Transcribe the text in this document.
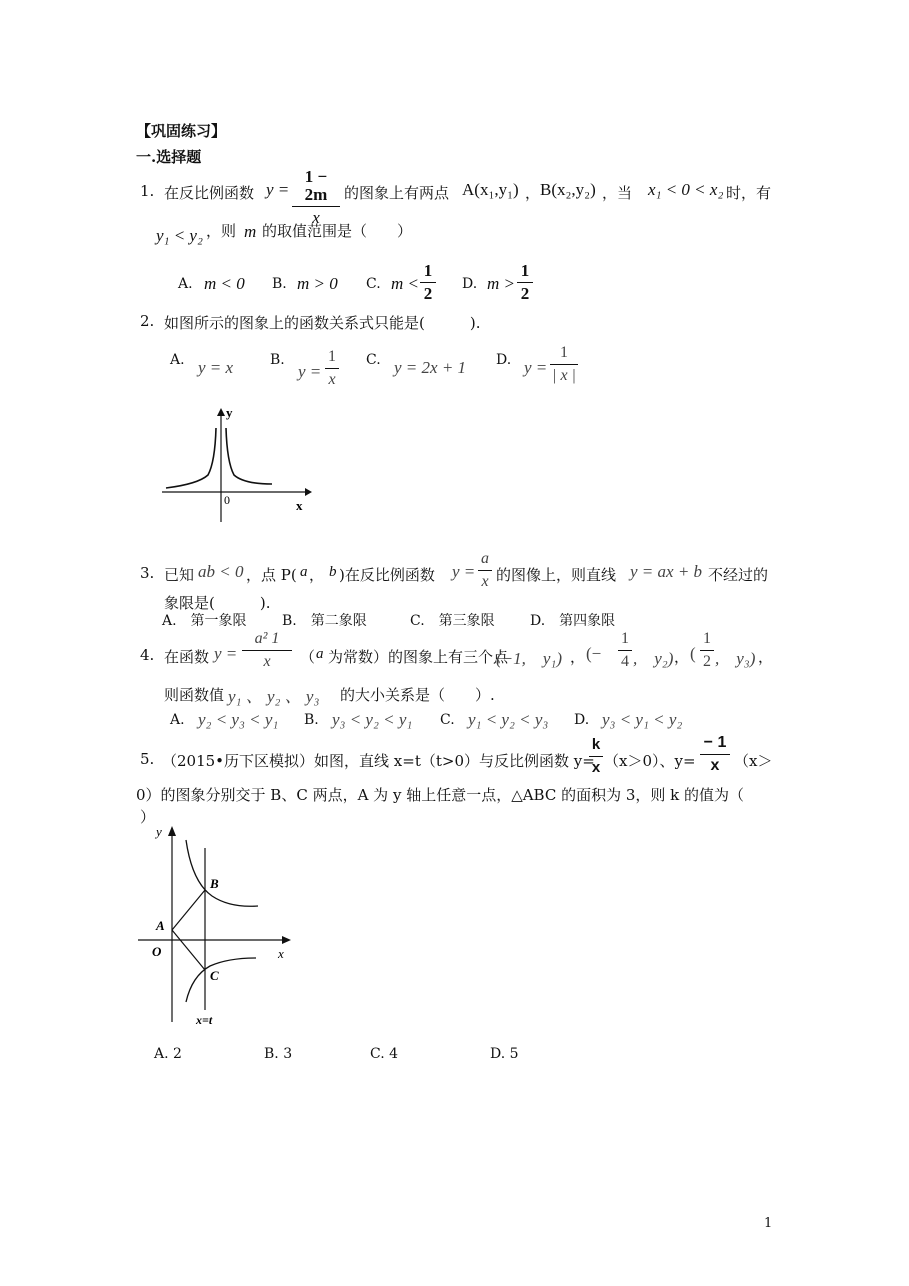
【巩固练习】
一.选择题
1. 在反比例函数 y =
1 − 2m
x
的图象上有两点 A(x₁,y₁) ， B(x₂,y₂) ，当 x₁ < 0 < x₂ 时，有
y₁ < y₂ ，则 m 的取值范围是（　　）
A. m < 0 B. m > 0 C. m <
1
2 D. m >
1
2
2. 如图所示的图象上的函数关系式只能是(　　　).
A. y = x	B.
y =
1
x
C. y = 2x + 1 D. y =
1
| x |
y
x
0
3. 已知 ab < 0 ，点 P( a ， b )在反比例函数 y =
a
x 的图像上，则直线 y = ax + b 不经过的
象限是(　　　).
A.　第一象限	B.　第二象限	C.　第三象限	D.　第四象限
4. 在函数 y =
a² 1
x	（ a 为常数）的图象上有三个点
(−1,　y₁) ， (−
1
4 ,　y₂) ， (
1
2 ,　y₃) ，
则函数值 y₁ 、 y₂ 、 y₃ 的大小关系是（　　）.
A. y₂ < y₃ < y₁ B. y₃ < y₂ < y₁ C. y₁ < y₂ < y₃ D. y₃ < y₁ < y₂
5. （2015•历下区模拟）如图，直线 x=t（t>0）与反比例函数 y=
k
x （x＞0）、y=
− 1
x （x＞
0）的图象分别交于 B、C 两点，A 为 y 轴上任意一点，△ABC 的面积为 3，则 k 的值为（
）
y
x
O
A
B
C
x=t
A. 2	B. 3	C. 4	D. 5
1
